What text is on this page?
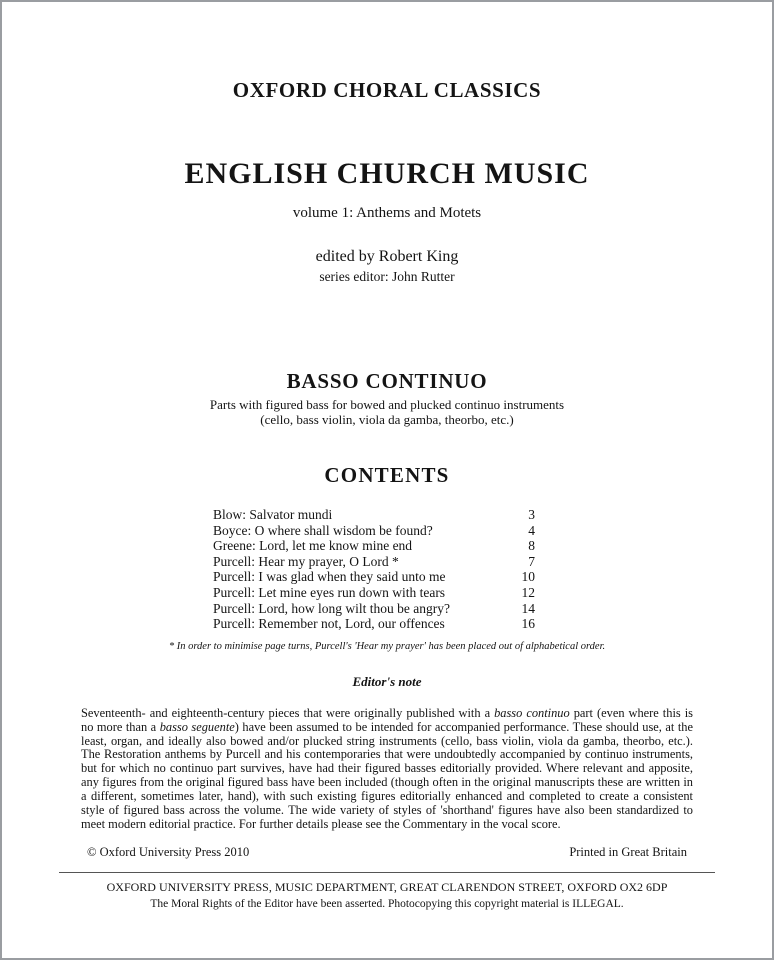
OXFORD CHORAL CLASSICS
ENGLISH CHURCH MUSIC
volume 1: Anthems and Motets
edited by Robert King
series editor: John Rutter
BASSO CONTINUO
Parts with figured bass for bowed and plucked continuo instruments
(cello, bass violin, viola da gamba, theorbo, etc.)
CONTENTS
Blow: Salvator mundi	3
Boyce: O where shall wisdom be found?	4
Greene: Lord, let me know mine end	8
Purcell: Hear my prayer, O Lord *	7
Purcell: I was glad when they said unto me	10
Purcell: Let mine eyes run down with tears	12
Purcell: Lord, how long wilt thou be angry?	14
Purcell: Remember not, Lord, our offences	16
* In order to minimise page turns, Purcell's 'Hear my prayer' has been placed out of alphabetical order.
Editor's note
Seventeenth- and eighteenth-century pieces that were originally published with a basso continuo part (even where this is no more than a basso seguente) have been assumed to be intended for accompanied performance. These should use, at the least, organ, and ideally also bowed and/or plucked string instruments (cello, bass violin, viola da gamba, theorbo, etc.). The Restoration anthems by Purcell and his contemporaries that were undoubtedly accompanied by continuo instruments, but for which no continuo part survives, have had their figured basses editorially provided. Where relevant and apposite, any figures from the original figured bass have been included (though often in the original manuscripts these are written in a different, sometimes later, hand), with such existing figures editorially enhanced and completed to create a consistent style of figured bass across the volume. The wide variety of styles of 'shorthand' figures have also been standardized to meet modern editorial practice. For further details please see the Commentary in the vocal score.
© Oxford University Press 2010	Printed in Great Britain
OXFORD UNIVERSITY PRESS, MUSIC DEPARTMENT, GREAT CLARENDON STREET, OXFORD OX2 6DP
The Moral Rights of the Editor have been asserted. Photocopying this copyright material is ILLEGAL.
